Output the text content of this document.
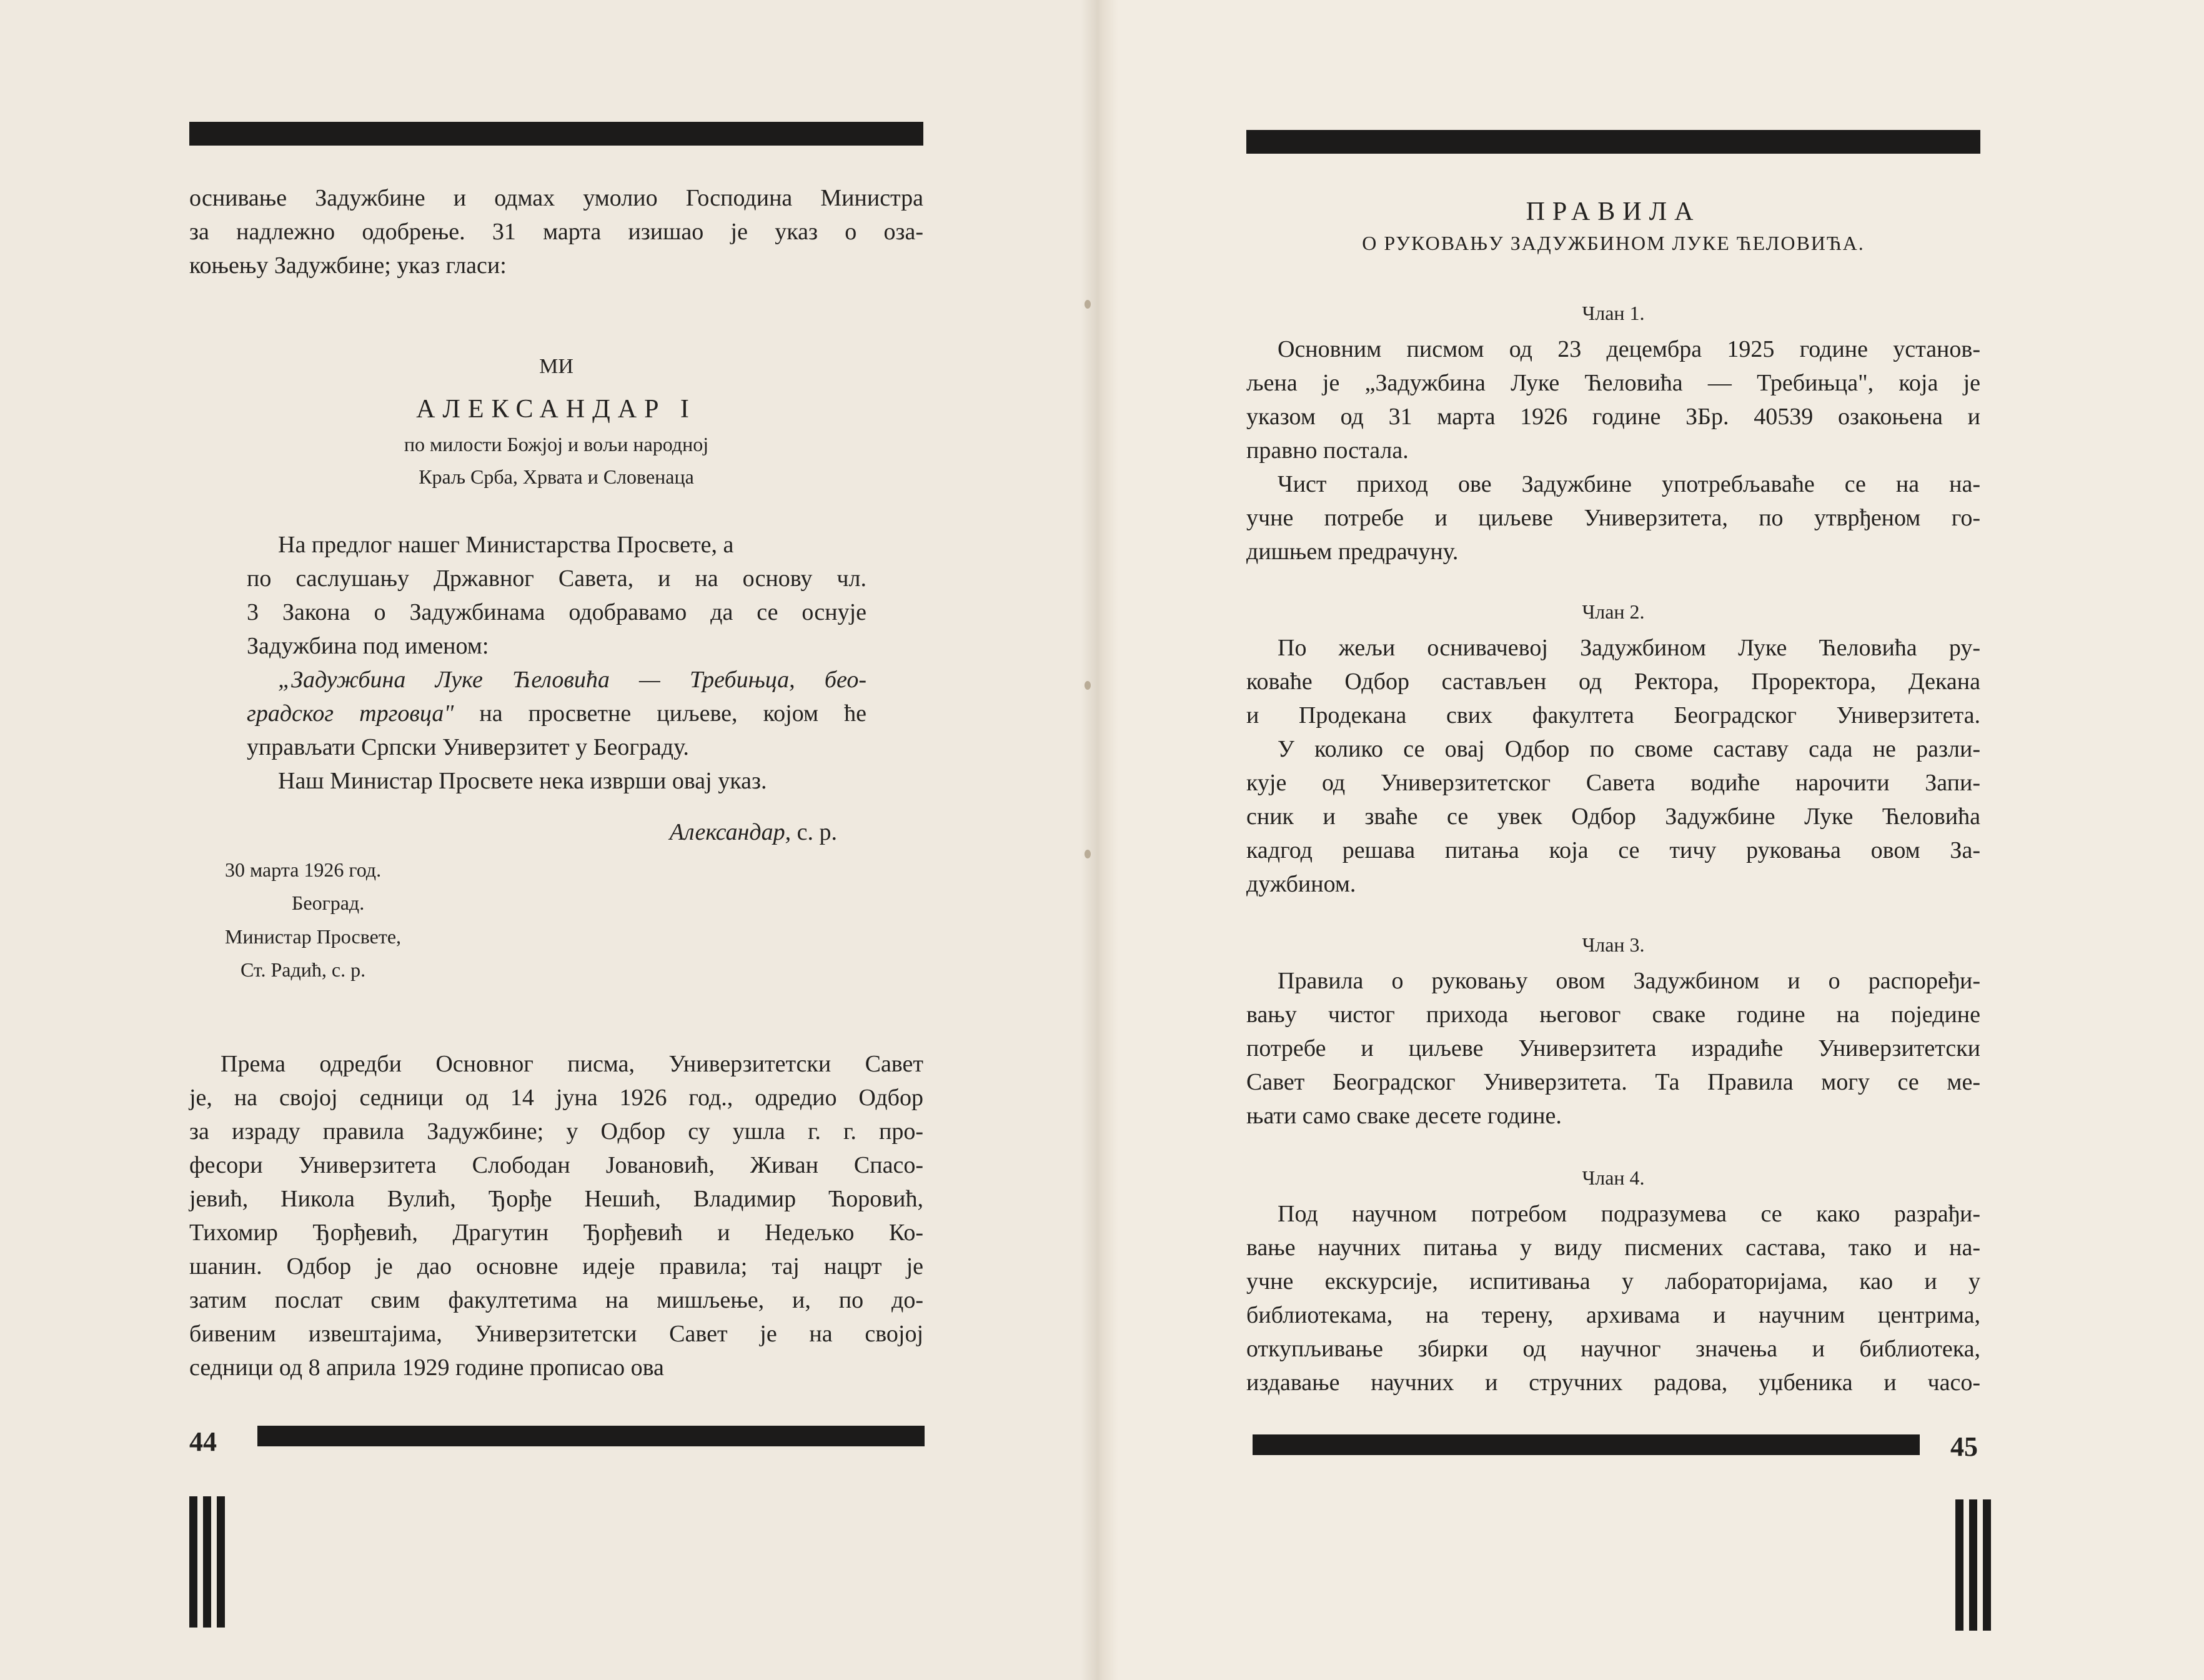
оснивање Задужбине и одмах умолио Господина Министра
за надлежно одобрење. 31 марта изишао је указ о оза-
коњењу Задужбине; указ гласи:
МИ
АЛЕКСАНДАР I
по милости Божјој и вољи народној
Краљ Срба, Хрвата и Словенаца
На предлог нашег Министарства Просвете, а
по саслушању Државног Савета, и на основу чл.
3 Закона о Задужбинама одобравамо да се оснује
Задужбина под именом:
„Задужбина Луке Ћеловића — Требињца, бео-
градског трговца" на просветне циљеве, којом ће
управљати Српски Универзитет у Београду.
Наш Министар Просвете нека изврши овај указ.
Александар, с. р.
30 марта 1926 год.
Београд.
Министар Просвете,
Ст. Радић, с. р.
Према одредби Основног писма, Универзитетски Савет
је, на својој седници од 14 јуна 1926 год., одредио Одбор
за израду правила Задужбине; у Одбор су ушла г. г. про-
фесори Универзитета Слободан Јовановић, Живан Спасо-
јевић, Никола Вулић, Ђорђе Нешић, Владимир Ћоровић,
Тихомир Ђорђевић, Драгутин Ђорђевић и Недељко Ко-
шанин. Одбор је дао основне идеје правила; тај нацрт је
затим послат свим факултетима на мишљење, и, по до-
бивеним извештајима, Универзитетски Савет је на својој
седници од 8 априла 1929 године прописао ова
44
ПРАВИЛА
О РУКОВАЊУ ЗАДУЖБИНОМ ЛУКЕ ЋЕЛОВИЋА.
Члан 1.
Основним писмом од 23 децембра 1925 године установ-
љена је „Задужбина Луке Ћеловића — Требињца", која је
указом од 31 марта 1926 године ЗБр. 40539 озакоњена и
правно постала.
Чист приход ове Задужбине употребљаваће се на на-
учне потребе и циљеве Универзитета, по утврђеном го-
дишњем предрачуну.
Члан 2.
По жељи оснивачевој Задужбином Луке Ћеловића ру-
коваће Одбор састављен од Ректора, Проректора, Декана
и Продекана свих факултета Београдског Универзитета.
У колико се овај Одбор по своме саставу сада не разли-
кује од Универзитетског Савета водиће нарочити Запи-
сник и зваће се увек Одбор Задужбине Луке Ћеловића
кадгод решава питања која се тичу руковања овом За-
дужбином.
Члан 3.
Правила о руковању овом Задужбином и о распоређи-
вању чистог прихода његовог сваке године на поједине
потребе и циљеве Универзитета израдиће Универзитетски
Савет Београдског Универзитета. Та Правила могу се ме-
њати само сваке десете године.
Члан 4.
Под научном потребом подразумева се како разрађи-
вање научних питања у виду писмених састава, тако и на-
учне екскурсије, испитивања у лабораторијама, као и у
библиотекама, на терену, архивама и научним центрима,
откупљивање збирки од научног значења и библиотека,
издавање научних и стручних радова, уџбеника и часо-
45
